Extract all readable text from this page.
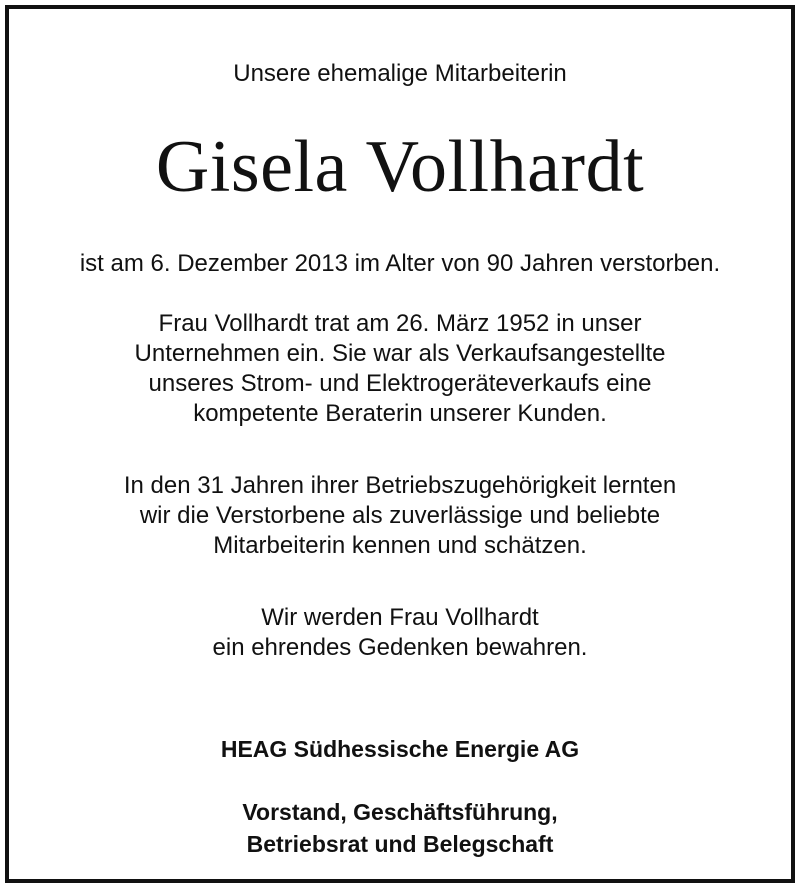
Unsere ehemalige Mitarbeiterin
Gisela Vollhardt
ist am 6. Dezember 2013 im Alter von 90 Jahren verstorben.
Frau Vollhardt trat am 26. März 1952 in unser
Unternehmen ein. Sie war als Verkaufsangestellte
unseres Strom- und Elektrogeräteverkaufs eine
kompetente Beraterin unserer Kunden.
In den 31 Jahren ihrer Betriebszugehörigkeit lernten
wir die Verstorbene als zuverlässige und beliebte
Mitarbeiterin kennen und schätzen.
Wir werden Frau Vollhardt
ein ehrendes Gedenken bewahren.
HEAG Südhessische Energie AG
Vorstand, Geschäftsführung,
Betriebsrat und Belegschaft
